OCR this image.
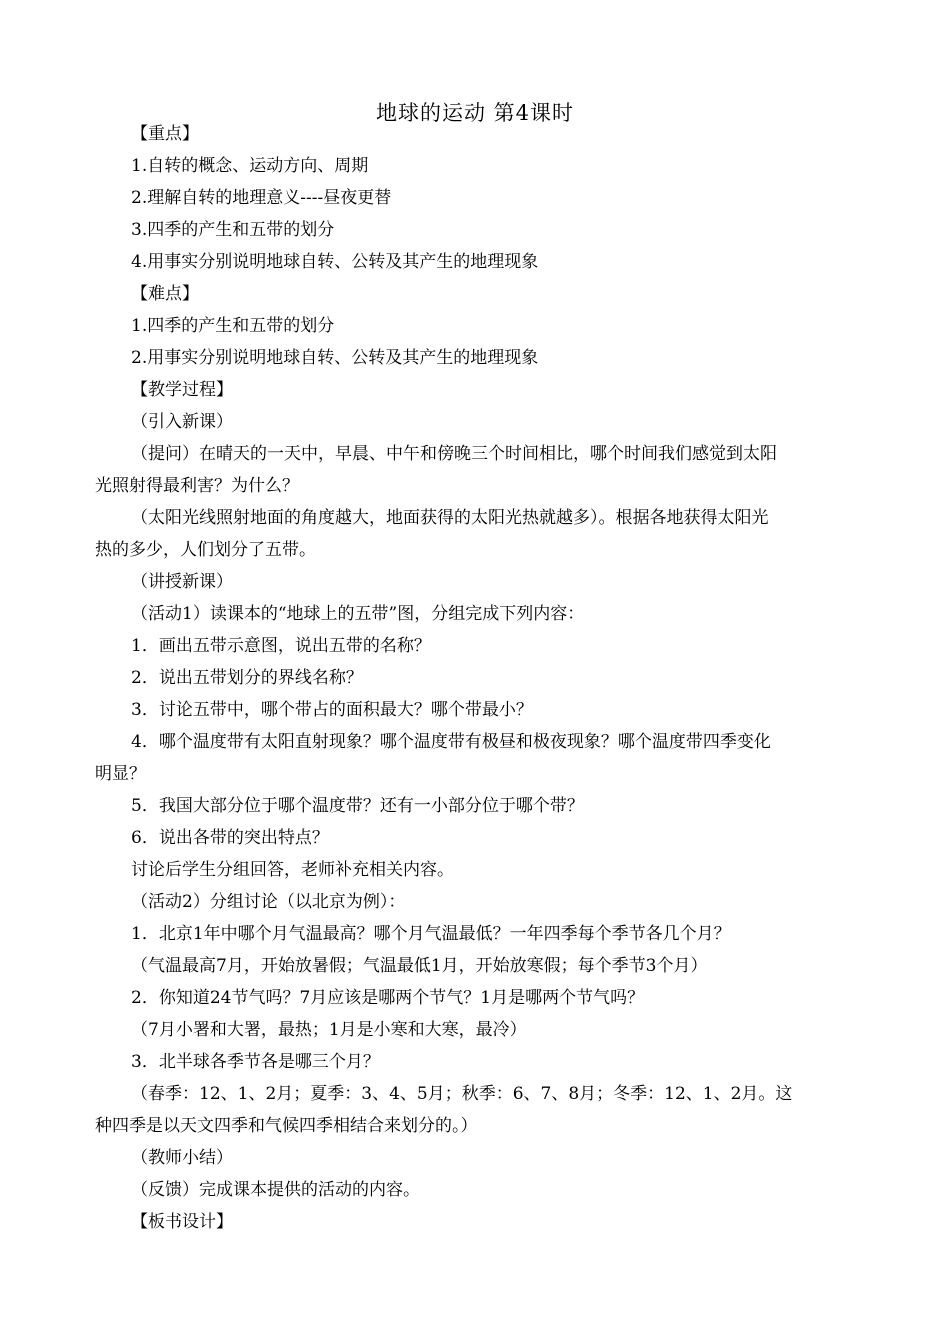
地球的运动 第4课时
【重点】
1.自转的概念、运动方向、周期
2.理解自转的地理意义----昼夜更替
3.四季的产生和五带的划分
4.用事实分别说明地球自转、公转及其产生的地理现象
【难点】
1.四季的产生和五带的划分
2.用事实分别说明地球自转、公转及其产生的地理现象
【教学过程】
（引入新课）
（提问）在晴天的一天中，早晨、中午和傍晚三个时间相比，哪个时间我们感觉到太阳
光照射得最利害？为什么？
（太阳光线照射地面的角度越大，地面获得的太阳光热就越多）。根据各地获得太阳光
热的多少，人们划分了五带。
（讲授新课）
（活动1）读课本的“地球上的五带”图，分组完成下列内容：
1．画出五带示意图，说出五带的名称？
2．说出五带划分的界线名称？
3．讨论五带中，哪个带占的面积最大？哪个带最小？
4．哪个温度带有太阳直射现象？哪个温度带有极昼和极夜现象？哪个温度带四季变化
明显？
5．我国大部分位于哪个温度带？还有一小部分位于哪个带？
6．说出各带的突出特点？
讨论后学生分组回答，老师补充相关内容。
（活动2）分组讨论（以北京为例）：
1．北京1年中哪个月气温最高？哪个月气温最低？一年四季每个季节各几个月？
（气温最高7月，开始放暑假；气温最低1月，开始放寒假；每个季节3个月）
2．你知道24节气吗？7月应该是哪两个节气？1月是哪两个节气吗？
（7月小署和大署，最热；1月是小寒和大寒，最冷）
3．北半球各季节各是哪三个月？
（春季：12、1、2月；夏季：3、4、5月；秋季：6、7、8月；冬季：12、1、2月。这
种四季是以天文四季和气候四季相结合来划分的。）
（教师小结）
（反馈）完成课本提供的活动的内容。
【板书设计】
